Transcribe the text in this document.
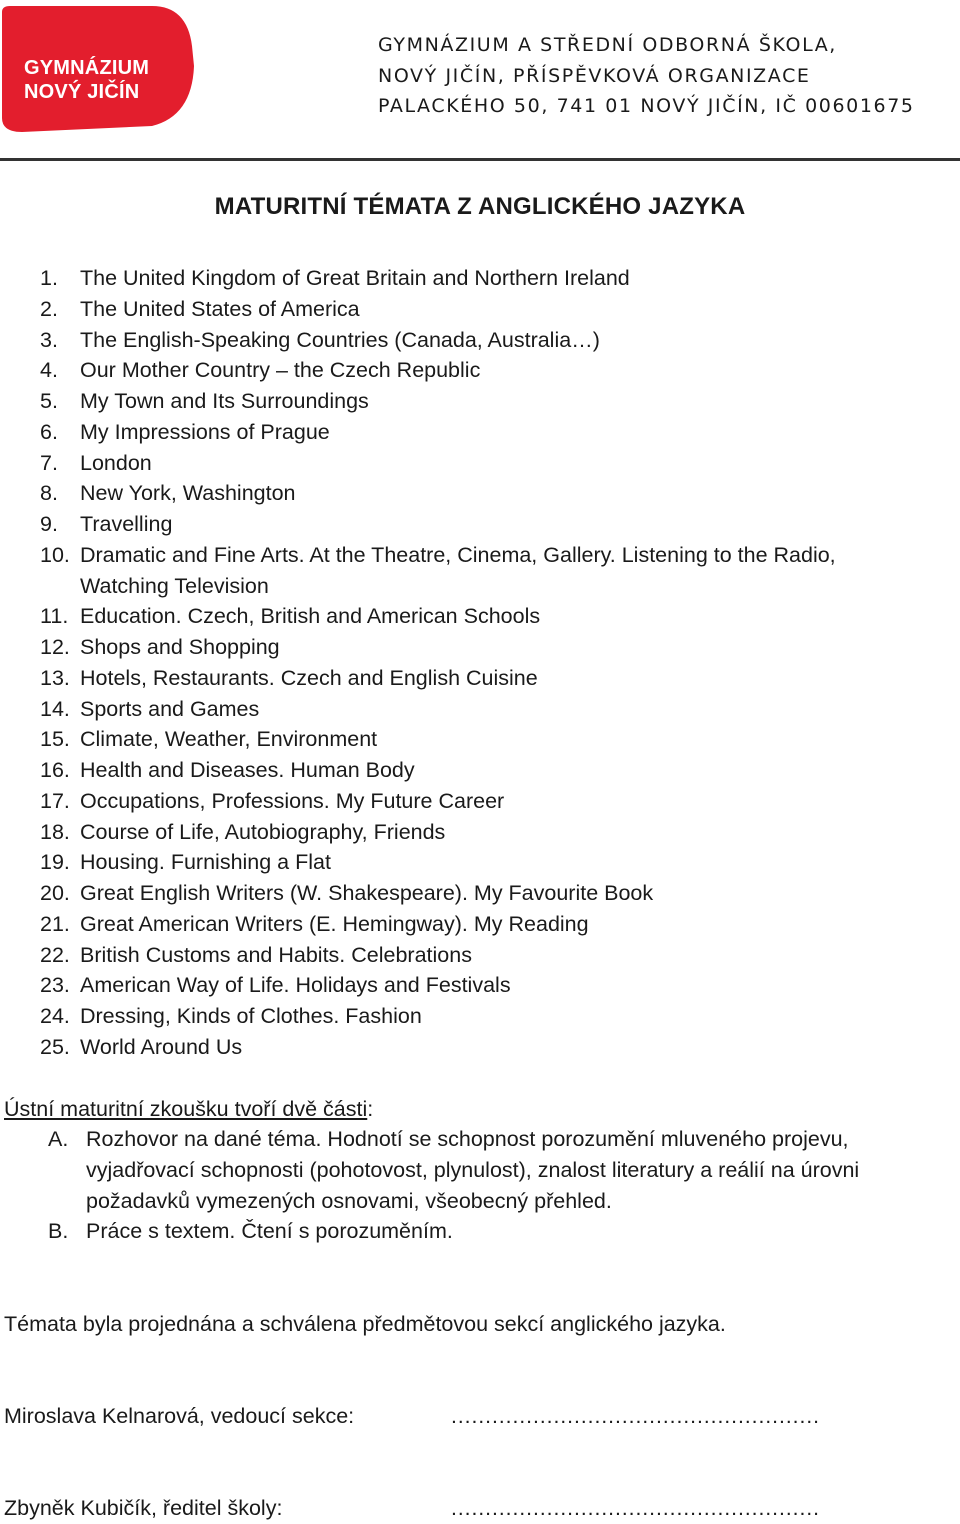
GYMNÁZIUM
NOVÝ JIČÍN
GYMNÁZIUM A STŘEDNÍ ODBORNÁ ŠKOLA,
NOVÝ JIČÍN, PŘÍSPĚVKOVÁ ORGANIZACE
PALACKÉHO 50, 741 01 NOVÝ JIČÍN, IČ 00601675
MATURITNÍ TÉMATA Z ANGLICKÉHO JAZYKA
1.	The United Kingdom of Great Britain and Northern Ireland
2.	The United States of America
3.	The English-Speaking Countries (Canada, Australia…)
4.	Our Mother Country – the Czech Republic
5.	My Town and Its Surroundings
6.	My Impressions of Prague
7.	London
8.	New York, Washington
9.	Travelling
10. Dramatic and Fine Arts. At the Theatre, Cinema, Gallery. Listening to the Radio, Watching Television
11. Education. Czech, British and American Schools
12. Shops and Shopping
13. Hotels, Restaurants. Czech and English Cuisine
14. Sports and Games
15. Climate, Weather, Environment
16. Health and Diseases. Human Body
17. Occupations, Professions. My Future Career
18. Course of Life, Autobiography, Friends
19. Housing. Furnishing a Flat
20. Great English Writers (W. Shakespeare). My Favourite Book
21. Great American Writers (E. Hemingway). My Reading
22. British Customs and Habits. Celebrations
23. American Way of Life. Holidays and Festivals
24. Dressing, Kinds of Clothes. Fashion
25. World Around Us
Ústní maturitní zkoušku tvoří dvě části:
A. Rozhovor na dané téma. Hodnotí se schopnost porozumění mluveného projevu, vyjadřovací schopnosti (pohotovost, plynulost), znalost literatury a reálií na úrovni požadavků vymezených osnovami, všeobecný přehled.
B. Práce s textem. Čtení s porozuměním.
Témata byla projednána a schválena předmětovou sekcí anglického jazyka.
Miroslava Kelnarová, vedoucí sekce:	………………………………………………
Zbyněk Kubičík, ředitel školy:	………………………………………………
